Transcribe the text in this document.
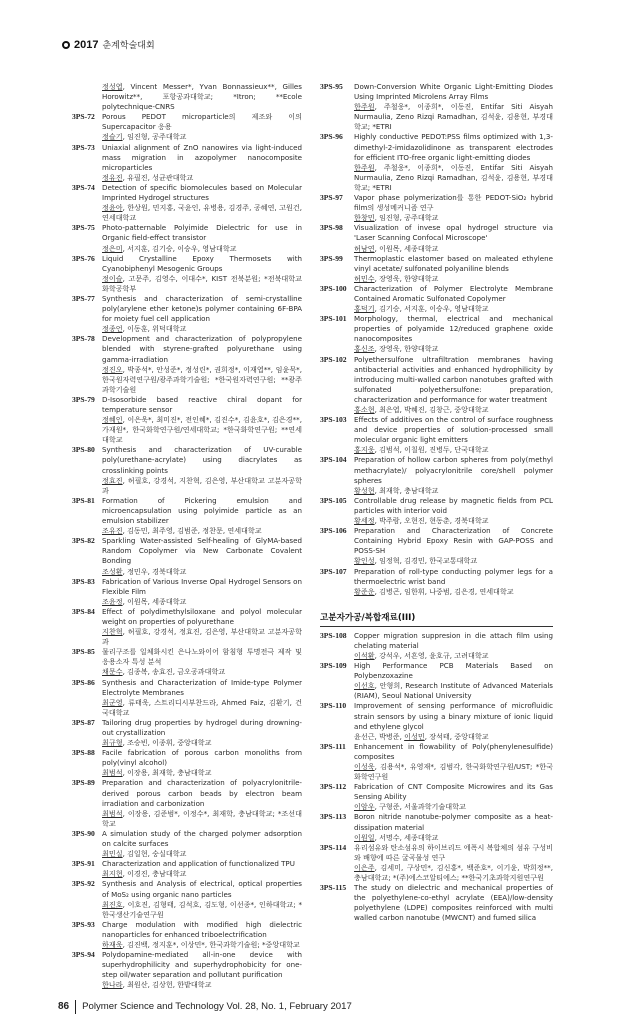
2017 춘계학술대회
정성엽, Vincent Messer*, Yvan Bonnassieux**, Gilles Horowitz**, 포항공과대학교; *Itron; **Ecole polytechnique-CNRS
3PS-72	Porous PEDOT microparticle의 제조와 이의 Supercapacitor 응용
정슬기, 임진형, 공주대학교
3PS-73	Uniaxial alignment of ZnO nanowires via light-induced mass migration in azopolymer nanocomposite microparticles
정유진, 유필진, 성균관대학교
3PS-74	Detection of specific biomolecules based on Molecular Imprinted Hydrogel structures
정윤아, 한상원, 민지홍, 국윤인, 유병용, 김경주, 공혜연, 고원건, 연세대학교
3PS-75	Photo-patternable Polyimide Dielectric for use in Organic field-effect transistor
정은미, 서지훈, 김기승, 이승우, 영남대학교
3PS-76	Liquid Crystalline Epoxy Thermosets with Cyanobiphenyl Mesogenic Groups
정이슬, 고문주, 김영수, 이대수*, KIST 전북분원; *전북대학교 화학공학부
3PS-77	Synthesis and characterization of semi-crystalline poly(arylene ether ketone)s polymer containing 6F-BPA for moiety fuel cell application
정종언, 이동훈, 위덕대학교
3PS-78	Development and characterization of polypropylene blended with styrene-grafted polyurethane using gamma-irradiation
정진오, 박종석*, 안성준*, 정성린*, 권희정*, 이재엽**, 임윤묵*, 한국원자력연구원/광주과학기술원; *한국원자력연구원; **광주과학기술원
3PS-79	D-Isosorbide based reactive chiral dopant for temperature sensor
정혜인, 이은욱*, 최미진*, 전인혜*, 김진수*, 김윤호*, 김은경**, 가재원*, 한국화학연구원/연세대학교; *한국화학연구원; **연세대학교
3PS-80	Synthesis and characterization of UV-curable poly(urethane-acrylate) using diacrylates as crosslinking points
정효진, 허필호, 강경석, 지찬혁, 김은영, 부산대학교 고분자공학과
3PS-81	Formation of Pickering emulsion and microencapsulation using polyimide particle as an emulsion stabilizer
조유진, 김동민, 최주영, 김범준, 정찬문, 연세대학교
3PS-82	Sparkling Water-assisted Self-healing of GlyMA-based Random Copolymer via New Carbonate Covalent Bonding
조성환, 정민우, 경북대학교
3PS-83	Fabrication of Various Inverse Opal Hydrogel Sensors on Flexible Film
조윤정, 이원목, 세종대학교
3PS-84	Effect of polydimethylsiloxane and polyol molecular weight on properties of polyurethane
지찬혁, 허필호, 강경석, 정효진, 김은영, 부산대학교 고분자공학과
3PS-85	물리구조를 일체화시킨 은나노와이어 함침형 투명전극 제작 및 응용소자 특성 분석
채문수, 김종복, 송효진, 금오공과대학교
3PS-86	Synthesis and Characterization of Imide-type Polymer Electrolyte Membranes
최군영, 류태욱, 스트리디시부찬드라, Ahmed Faiz, 김환기, 건국대학교
3PS-87	Tailoring drug properties by hydrogel during drowning-out crystallization
최규형, 조승빈, 이종휘, 중앙대학교
3PS-88	Facile fabrication of porous carbon monoliths from poly(vinyl alcohol)
최범석, 이장용, 최재학, 충남대학교
3PS-89	Preparation and characterization of polyacrylonitrile-derived porous carbon beads by electron beam irradiation and carbonization
최범석, 이장용, 김준범*, 이정수*, 최재학, 충남대학교; *조선대학교
3PS-90	A simulation study of the charged polymer adsorption on calcite surfaces
최민실, 김일현, 숭실대학교
3PS-91	Characterization and application of functionalized TPU
최지현, 이경진, 충남대학교
3PS-92	Synthesis and Analysis of electrical, optical properties of MoS₂ using organic nano particles
최진호, 이호진, 김형태, 김석호, 김도형, 이선종*, 인하대학교; *한국생산기술연구원
3PS-93	Charge modulation with modified high dielectric nanoparticles for enhanced triboelectrification
하재욱, 김진백, 정지훈*, 이상민*, 한국과학기술원; *중앙대학교
3PS-94	Polydopamine-mediated all-in-one device with superhydrophilicity and superhydrophobicity for one-step oil/water separation and pollutant purification
한나라, 최원산, 김상헌, 한밭대학교
3PS-95	Down-Conversion White Organic Light-Emitting Diodes Using Imprinted Microlens Array Films
한주원, 주철웅*, 이종희*, 이동진, Entifar Siti Aisyah Nurmaulia, Zeno Rizqi Ramadhan, 김석윤, 김용현, 부경대학교; *ETRI
3PS-96	Highly conductive PEDOT:PSS films optimized with 1,3-dimethyl-2-imidazolidinone as transparent electrodes for efficient ITO-free organic light-emitting diodes
한주원, 주철웅*, 이종희*, 이동진, Entifar Siti Aisyah Nurmaulia, Zeno Rizqi Ramadhan, 김석윤, 김용현, 부경대학교; *ETRI
3PS-97	Vapor phase polymerization를 통한 PEDOT-SiO₂ hybrid film의 생성메커니즘 연구
한창민, 임진형, 공주대학교
3PS-98	Visualization of invese opal hydrogel structure via 'Laser Scanning Confocal Microscope'
허남연, 이원목, 세종대학교
3PS-99	Thermoplastic elastomer based on maleated ethylene vinyl acetate/ sulfonated polyaniline blends
허민수, 장영욱, 한양대학교
3PS-100	Characterization of Polymer Electrolyte Membrane Contained Aromatic Sulfonated Copolymer
홍덕기, 김기승, 서지훈, 이승우, 영남대학교
3PS-101	Morphology, thermal, electrical and mechanical properties of polyamide 12/reduced graphene oxide nanocomposites
홍신조, 장영욱, 한양대학교
3PS-102	Polyethersulfone ultrafiltration membranes having antibacterial activities and enhanced hydrophilicity by introducing multi-walled carbon nanotubes grafted with sulfonated polyethersulfone: preparation, characterization and performance for water treatment
홍소현, 최은엽, 박혜진, 김창근, 중앙대학교
3PS-103	Effects of additives on the control of surface roughness and device properties of solution-processed small molecular organic light emitters
홍지웅, 김범석, 이칠원, 진병두, 단국대학교
3PS-104	Preparation of hollow carbon spheres from poly(methyl methacrylate)/ polyacrylonitrile core/shell polymer spheres
황성현, 최재학, 충남대학교
3PS-105	Controllable drug release by magnetic fields from PCL particles with interior void
황세정, 박주람, 오현진, 현동춘, 경북대학교
3PS-106	Preparation and Characterization of Concrete Containing Hybrid Epoxy Resin with GAP-POSS and POSS-SH
황인성, 임정혁, 김경민, 한국교통대학교
3PS-107	Preparation of roll-type conducting polymer legs for a thermoelectric wrist band
황준운, 김병곤, 임한휘, 나중범, 김은경, 연세대학교
고분자가공/복합재료(III)
3PS-108	Copper migration suppresion in die attach film using chelating material
이석환, 강석우, 서흔영, 윤호규, 고려대학교
3PS-109	High Performance PCB Materials Based on Polybenzoxazine
이선호, 안형희, Research Institute of Advanced Materials (RIAM), Seoul National University
3PS-110	Improvement of sensing performance of microfluidic strain sensors by using a binary mixture of ionic liquid and ethylene glycol
윤선근, 박병준, 이성민, 장석태, 중앙대학교
3PS-111	Enhancement in flowability of Poly(phenylenesulfide) composites
이성욱, 김용석*, 유영재*, 김범각, 한국화학연구원/UST; *한국화학연구원
3PS-112	Fabrication of CNT Composite Microwires and its Gas Sensing Ability
이암우, 구형준, 서울과학기술대학교
3PS-113	Boron nitride nanotube-polymer composite as a heat-dissipation material
이원일, 서명수, 세종대학교
3PS-114	유리섬유와 탄소섬유의 하이브리드 에폭시 복합체의 섬유 구성비와 배향에 따른 굴곡물성 연구
이은주, 김세미, 구상민*, 김신홍*, 백준호*, 이기윤, 박희정**, 충남대학교; *(주)에스코알티에스; **한국기초과학지원연구원
3PS-115	The study on dielectric and mechanical properties of the polyethylene-co-ethyl acrylate (EEA)/low-density polyethylene (LDPE) composites reinforced with multi walled carbon nanotube (MWCNT) and fumed silica
86 Polymer Science and Technology Vol. 28, No. 1, February 2017
